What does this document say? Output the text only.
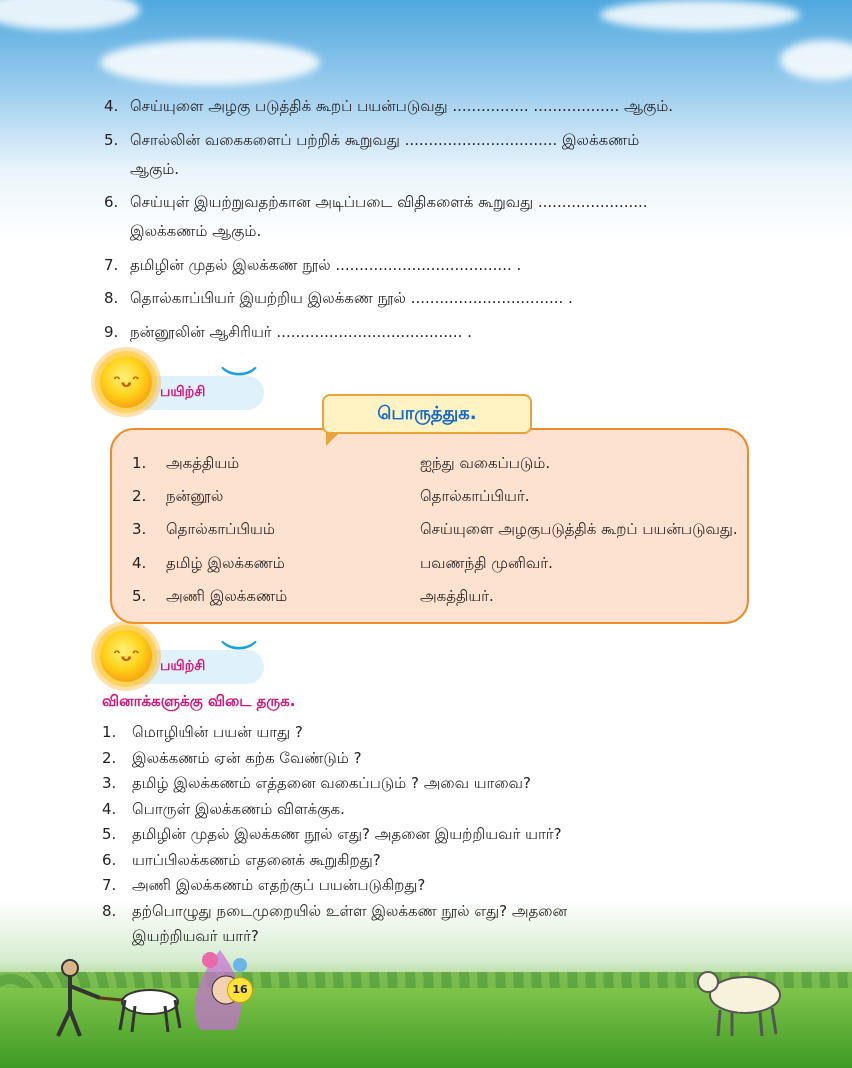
4. செய்யுளை அழகு படுத்திக் கூறப் பயன்படுவது ................ .................. ஆகும்.
5. சொல்லின் வகைகளைப் பற்றிக் கூறுவது ................................ இலக்கணம்
ஆகும்.
6. செய்யுள் இயற்றுவதற்கான அடிப்படை விதிகளைக் கூறுவது .......................
இலக்கணம் ஆகும்.
7. தமிழின் முதல் இலக்கண நூல் ..................................... .
8. தொல்காப்பியர் இயற்றிய இலக்கண நூல் ................................ .
9. நன்னூலின் ஆசிரியர் ....................................... .
ᵔᴗᵔ
பயிற்சி ︶
பொருத்துக.
1. அகத்தியம்	ஐந்து வகைப்படும்.
2. நன்னூல்	தொல்காப்பியர்.
3. தொல்காப்பியம்	செய்யுளை அழகுபடுத்திக் கூறப் பயன்படுவது.
4. தமிழ் இலக்கணம்	பவணந்தி முனிவர்.
5. அணி இலக்கணம்	அகத்தியர்.
ᵔᴗᵔ
பயிற்சி ︶
வினாக்களுக்கு விடை தருக.
1. மொழியின் பயன் யாது ?
2. இலக்கணம் ஏன் கற்க வேண்டும் ?
3. தமிழ் இலக்கணம் எத்தனை வகைப்படும் ? அவை யாவை?
4. பொருள் இலக்கணம் விளக்குக.
5. தமிழின் முதல் இலக்கண நூல் எது? அதனை இயற்றியவர் யார்?
6. யாப்பிலக்கணம் எதனைக் கூறுகிறது?
7. அணி இலக்கணம் எதற்குப் பயன்படுகிறது?
8. தற்பொழுது நடைமுறையில் உள்ள இலக்கண நூல் எது? அதனை
இயற்றியவர் யார்?
16
